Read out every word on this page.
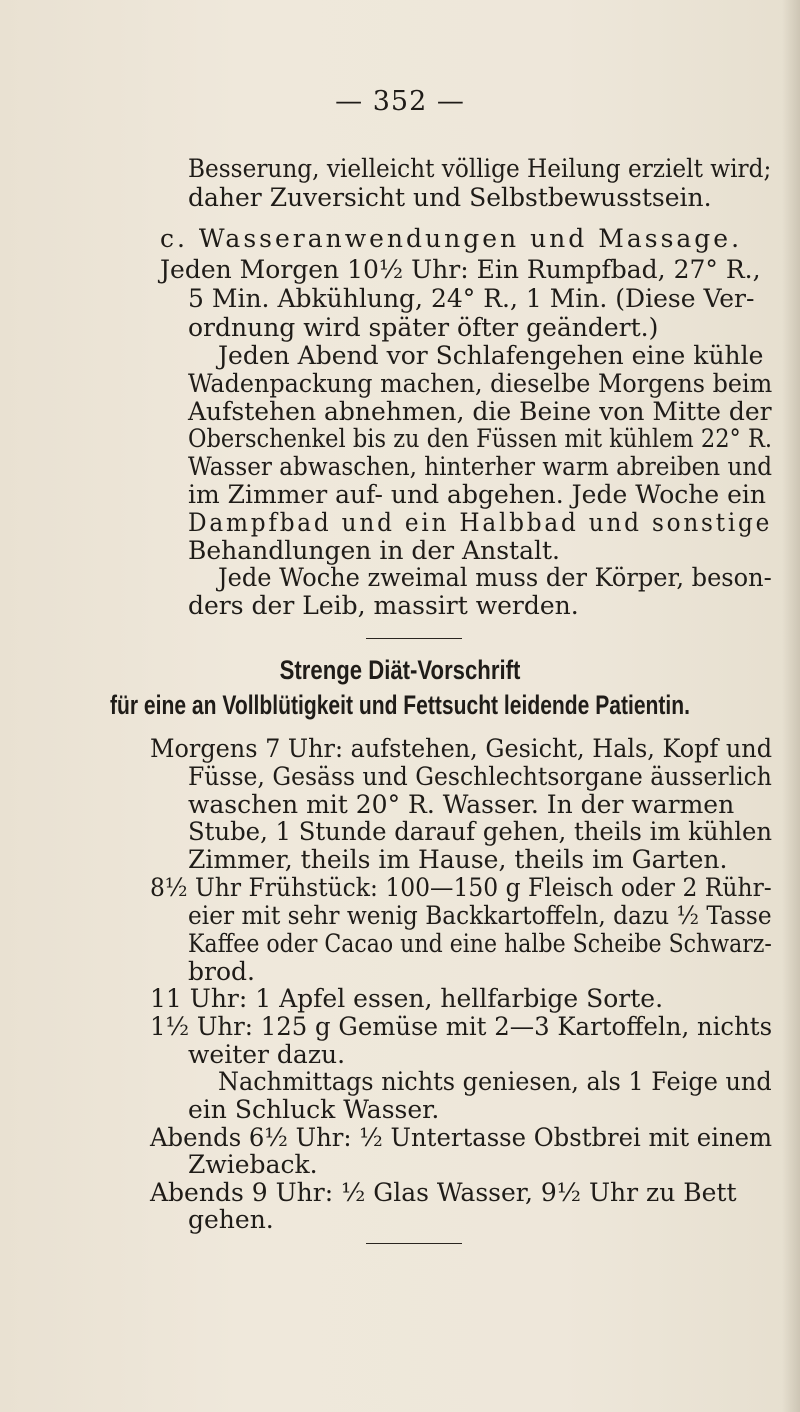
— 352 —
Besserung, vielleicht völlige Heilung erzielt wird;
daher Zuversicht und Selbstbewusstsein.
c. Wasseranwendungen und Massage.
Jeden Morgen 10½ Uhr: Ein Rumpfbad, 27° R.,
5 Min. Abkühlung, 24° R., 1 Min. (Diese Ver-
ordnung wird später öfter geändert.)
Jeden Abend vor Schlafengehen eine kühle
Wadenpackung machen, dieselbe Morgens beim
Aufstehen abnehmen, die Beine von Mitte der
Oberschenkel bis zu den Füssen mit kühlem 22° R.
Wasser abwaschen, hinterher warm abreiben und
im Zimmer auf- und abgehen. Jede Woche ein
Dampfbad und ein Halbbad und sonstige
Behandlungen in der Anstalt.
Jede Woche zweimal muss der Körper, beson-
ders der Leib, massirt werden.
Strenge Diät-Vorschrift
für eine an Vollblütigkeit und Fettsucht leidende Patientin.
Morgens 7 Uhr: aufstehen, Gesicht, Hals, Kopf und
Füsse, Gesäss und Geschlechtsorgane äusserlich
waschen mit 20° R. Wasser. In der warmen
Stube, 1 Stunde darauf gehen, theils im kühlen
Zimmer, theils im Hause, theils im Garten.
8½ Uhr Frühstück: 100—150 g Fleisch oder 2 Rühr-
eier mit sehr wenig Backkartoffeln, dazu ½ Tasse
Kaffee oder Cacao und eine halbe Scheibe Schwarz-
brod.
11 Uhr: 1 Apfel essen, hellfarbige Sorte.
1½ Uhr: 125 g Gemüse mit 2—3 Kartoffeln, nichts
weiter dazu.
Nachmittags nichts geniesen, als 1 Feige und
ein Schluck Wasser.
Abends 6½ Uhr: ½ Untertasse Obstbrei mit einem
Zwieback.
Abends 9 Uhr: ½ Glas Wasser, 9½ Uhr zu Bett
gehen.
